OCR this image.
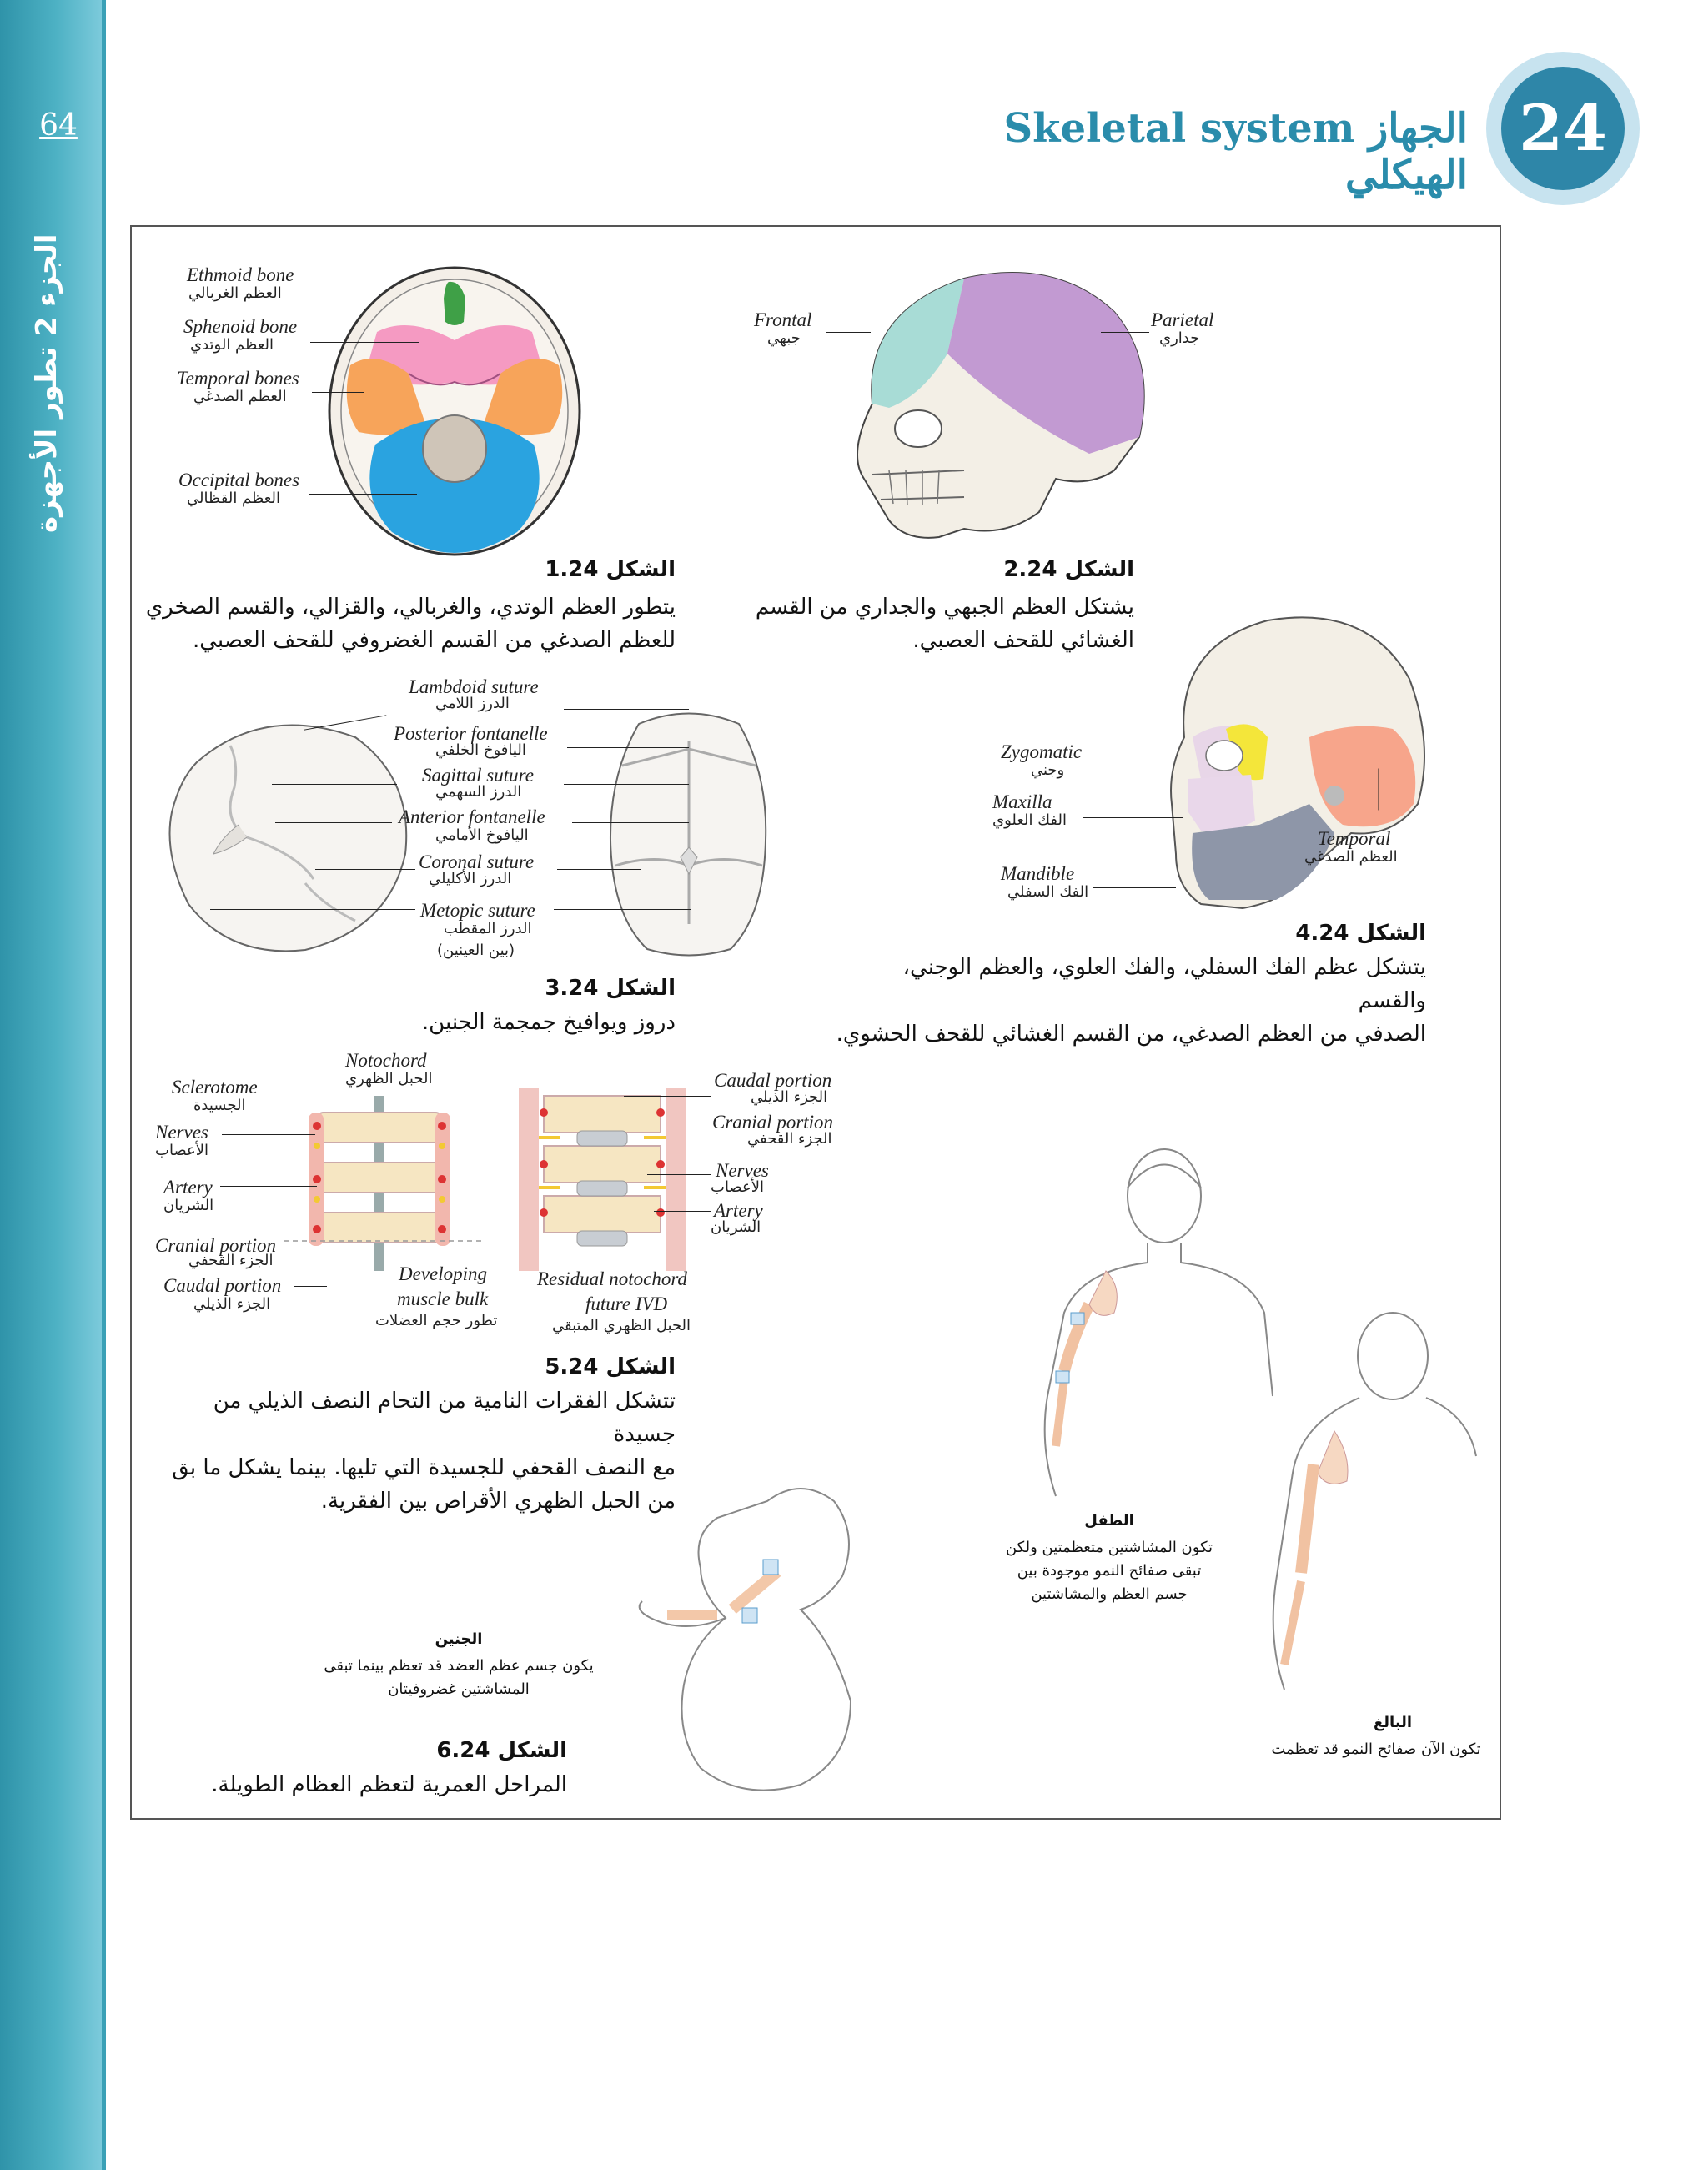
64
الجزء 2 تطور الأجهزة
Skeletal system الجهاز الهيكلي
24
Ethmoid bone
العظم الغربالي
Sphenoid bone
العظم الوتدي
Temporal bones
العظم الصدغي
Occipital bones
العظم القظالي
الشكل 1.24
يتطور العظم الوتدي، والغربالي، والقزالي، والقسم الصخري
للعظم الصدغي من القسم الغضروفي للقحف العصبي.
Frontal
جبهي
Parietal
جداري
الشكل 2.24
يشتكل العظم الجبهي والجداري من القسم
الغشائي للقحف العصبي.
Lambdoid suture
الدرز اللامي
Posterior fontanelle
اليافوخ الخلفي
Sagittal suture
الدرز السهمي
Anterior fontanelle
اليافوخ الأمامي
Coronal suture
الدرز الأكليلي
Metopic suture
الدرز المقطب
(بين العينين)
الشكل 3.24
دروز ويوافيخ جمجمة الجنين.
Zygomatic
وجني
Maxilla
الفك العلوي
Mandible
الفك السفلي
Temporal
العظم الصدغي
الشكل 4.24
يتشكل عظم الفك السفلي، والفك العلوي، والعظم الوجني، والقسم
الصدفي من العظم الصدغي، من القسم الغشائي للقحف الحشوي.
Notochord
الحبل الظهري
Sclerotome
الجسيدة
Nerves
الأعصاب
Artery
الشريان
Cranial portion
الجزء القحفي
Caudal portion
الجزء الذيلي
Developing
muscle bulk
تطور حجم العضلات
Residual notochord
future IVD
الحبل الظهري المتبقي
Caudal portion
الجزء الذيلي
Cranial portion
الجزء القحفي
Nerves
الأعصاب
Artery
الشريان
الشكل 5.24
تتشكل الفقرات النامية من التحام النصف الذيلي من جسيدة
مع النصف القحفي للجسيدة التي تليها. بينما يشكل ما بق
من الحبل الظهري الأقراص بين الفقرية.
الجنين
يكون جسم عظم العضد قد تعظم بينما تبقى
المشاشتين غضروفيتان
الطفل
تكون المشاشتين متعظمتين ولكن
تبقى صفائح النمو موجودة بين
جسم العظم والمشاشتين
البالغ
تكون الآن صفائح النمو قد تعظمت
الشكل 6.24
المراحل العمرية لتعظم العظام الطويلة.
